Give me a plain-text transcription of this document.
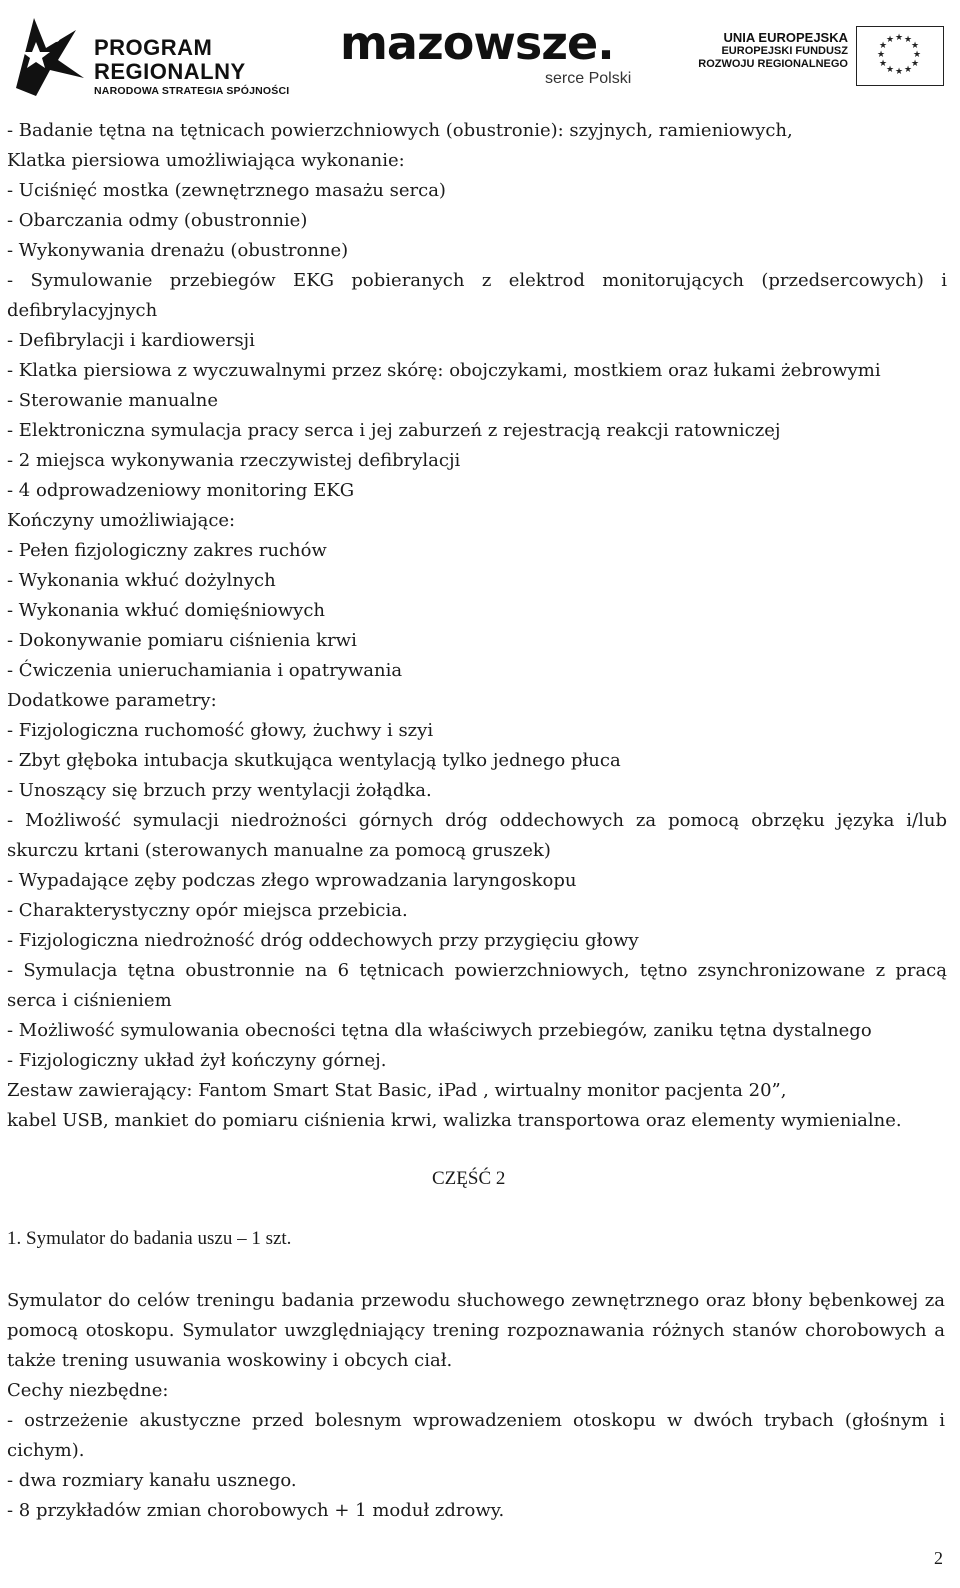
PROGRAM
REGIONALNY
NARODOWA STRATEGIA SPÓJNOŚCI
mazowsze.
serce Polski
UNIA EUROPEJSKA
EUROPEJSKI FUNDUSZ
ROZWOJU REGIONALNEGO
★ ★
★
★
★
★
★
★
★
★
★
★

- Badanie tętna na tętnicach powierzchniowych (obustronie): szyjnych, ramieniowych,

Klatka piersiowa umożliwiająca wykonanie:

- Uciśnięć mostka (zewnętrznego masażu serca)

- Obarczania odmy (obustronnie)

- Wykonywania drenażu (obustronne)

- Symulowanie przebiegów EKG pobieranych z elektrod monitorujących (przedsercowych) i defibrylacyjnych

- Defibrylacji i kardiowersji

- Klatka piersiowa z wyczuwalnymi przez skórę: obojczykami, mostkiem oraz łukami żebrowymi

- Sterowanie manualne

- Elektroniczna symulacja pracy serca i jej zaburzeń z rejestracją reakcji ratowniczej

- 2 miejsca wykonywania rzeczywistej defibrylacji

- 4 odprowadzeniowy monitoring EKG

Kończyny umożliwiające:

- Pełen fizjologiczny zakres ruchów

- Wykonania wkłuć dożylnych

- Wykonania wkłuć domięśniowych

- Dokonywanie pomiaru ciśnienia krwi

- Ćwiczenia unieruchamiania i opatrywania

Dodatkowe parametry:

- Fizjologiczna ruchomość głowy, żuchwy i szyi

- Zbyt głęboka intubacja skutkująca wentylacją tylko jednego płuca

- Unoszący się brzuch przy wentylacji żołądka.

- Możliwość symulacji niedrożności górnych dróg oddechowych za pomocą obrzęku języka i/lub skurczu krtani (sterowanych manualne za pomocą gruszek)

- Wypadające zęby podczas złego wprowadzania laryngoskopu

- Charakterystyczny opór miejsca przebicia.

- Fizjologiczna niedrożność dróg oddechowych przy przygięciu głowy

- Symulacja tętna obustronnie na 6 tętnicach powierzchniowych, tętno zsynchronizowane z pracą serca i ciśnieniem

- Możliwość symulowania obecności tętna dla właściwych przebiegów, zaniku tętna dystalnego

- Fizjologiczny układ żył kończyny górnej.

Zestaw zawierający: Fantom Smart Stat Basic, iPad , wirtualny monitor pacjenta 20”,

kabel USB, mankiet do pomiaru ciśnienia krwi, walizka transportowa oraz elementy wymienialne.

CZĘŚĆ 2
1. Symulator do badania uszu – 1 szt.

Symulator do celów treningu badania przewodu słuchowego zewnętrznego oraz błony bębenkowej za pomocą otoskopu. Symulator uwzględniający trening rozpoznawania różnych stanów chorobowych a także trening usuwania woskowiny i obcych ciał.

Cechy niezbędne:

- ostrzeżenie akustyczne przed bolesnym wprowadzeniem otoskopu w dwóch trybach (głośnym i cichym).

- dwa rozmiary kanału usznego.

- 8 przykładów zmian chorobowych + 1 moduł zdrowy.

2
